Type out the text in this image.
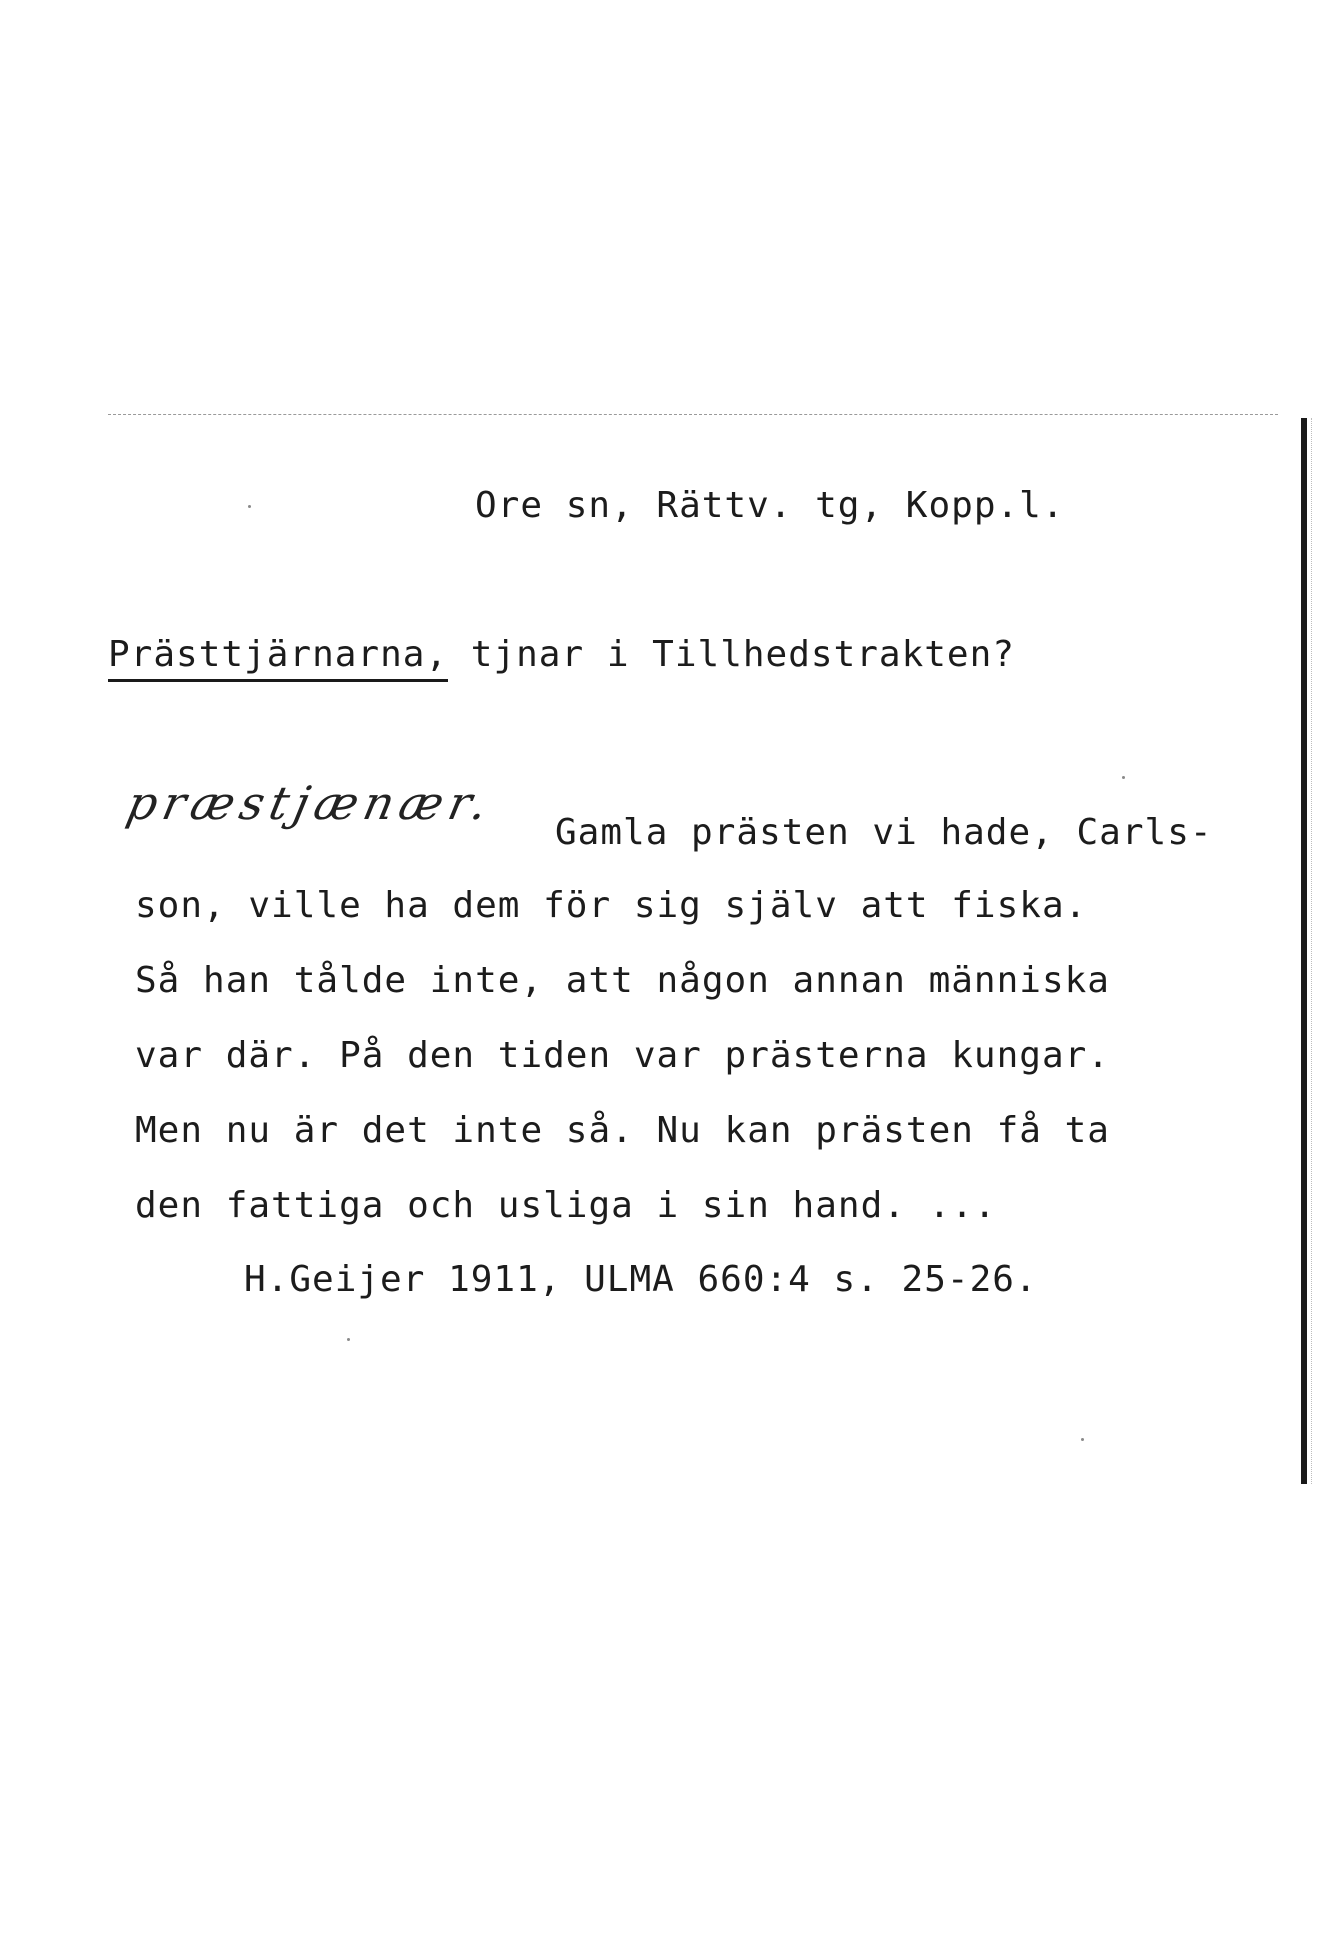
Ore sn, Rättv. tg, Kopp.l.
Prästtjärnarna, tjnar i Tillhedstrakten?
præstjænær.
Gamla prästen vi hade, Carls-
son, ville ha dem för sig själv att fiska.
Så han tålde inte, att någon annan människa
var där. På den tiden var prästerna kungar.
Men nu är det inte så. Nu kan prästen få ta
den fattiga och usliga i sin hand. ...
H.Geijer 1911, ULMA 660:4 s. 25-26.
